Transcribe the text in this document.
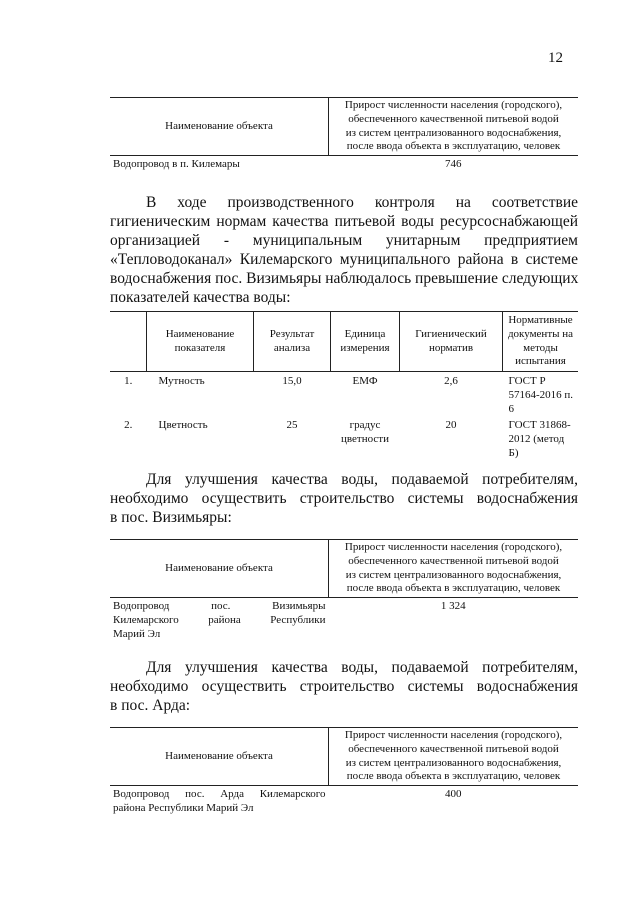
12
Наименование объекта	Прирост численности населения (городского),
обеспеченного качественной питьевой водой
из систем централизованного водоснабжения,
после ввода объекта в эксплуатацию, человек

Водопровод в п. Килемары	746

В ходе производственного контроля на соответствие
гигиеническим нормам качества питьевой воды ресурсоснабжающей
организацией - муниципальным унитарным предприятием
«Тепловодоканал» Килемарского муниципального района в системе
водоснабжения пос. Визимьяры наблюдалось превышение следующих
показателей качества воды:

	Наименование показателя	Результат анализа	Единица измерения	Гигиенический норматив	Нормативные документы на методы испытания
1.	Мутность	15,0	ЕМФ	2,6	ГОСТ Р 57164-2016 п. 6
2.	Цветность	25	градус цветности	20	ГОСТ 31868-2012 (метод Б)

Для улучшения качества воды, подаваемой потребителям,
необходимо осуществить строительство системы водоснабжения
в пос. Визимьяры:

Наименование объекта	Прирост численности населения (городского),
обеспеченного качественной питьевой водой
из систем централизованного водоснабжения,
после ввода объекта в эксплуатацию, человек

Водопровод пос. Визимьяры
Килемарского района Республики
Марий Эл	1 324

Для улучшения качества воды, подаваемой потребителям,
необходимо осуществить строительство системы водоснабжения
в пос. Арда:

Наименование объекта	Прирост численности населения (городского),
обеспеченного качественной питьевой водой
из систем централизованного водоснабжения,
после ввода объекта в эксплуатацию, человек

Водопровод пос. Арда Килемарского
района Республики Марий Эл	400
